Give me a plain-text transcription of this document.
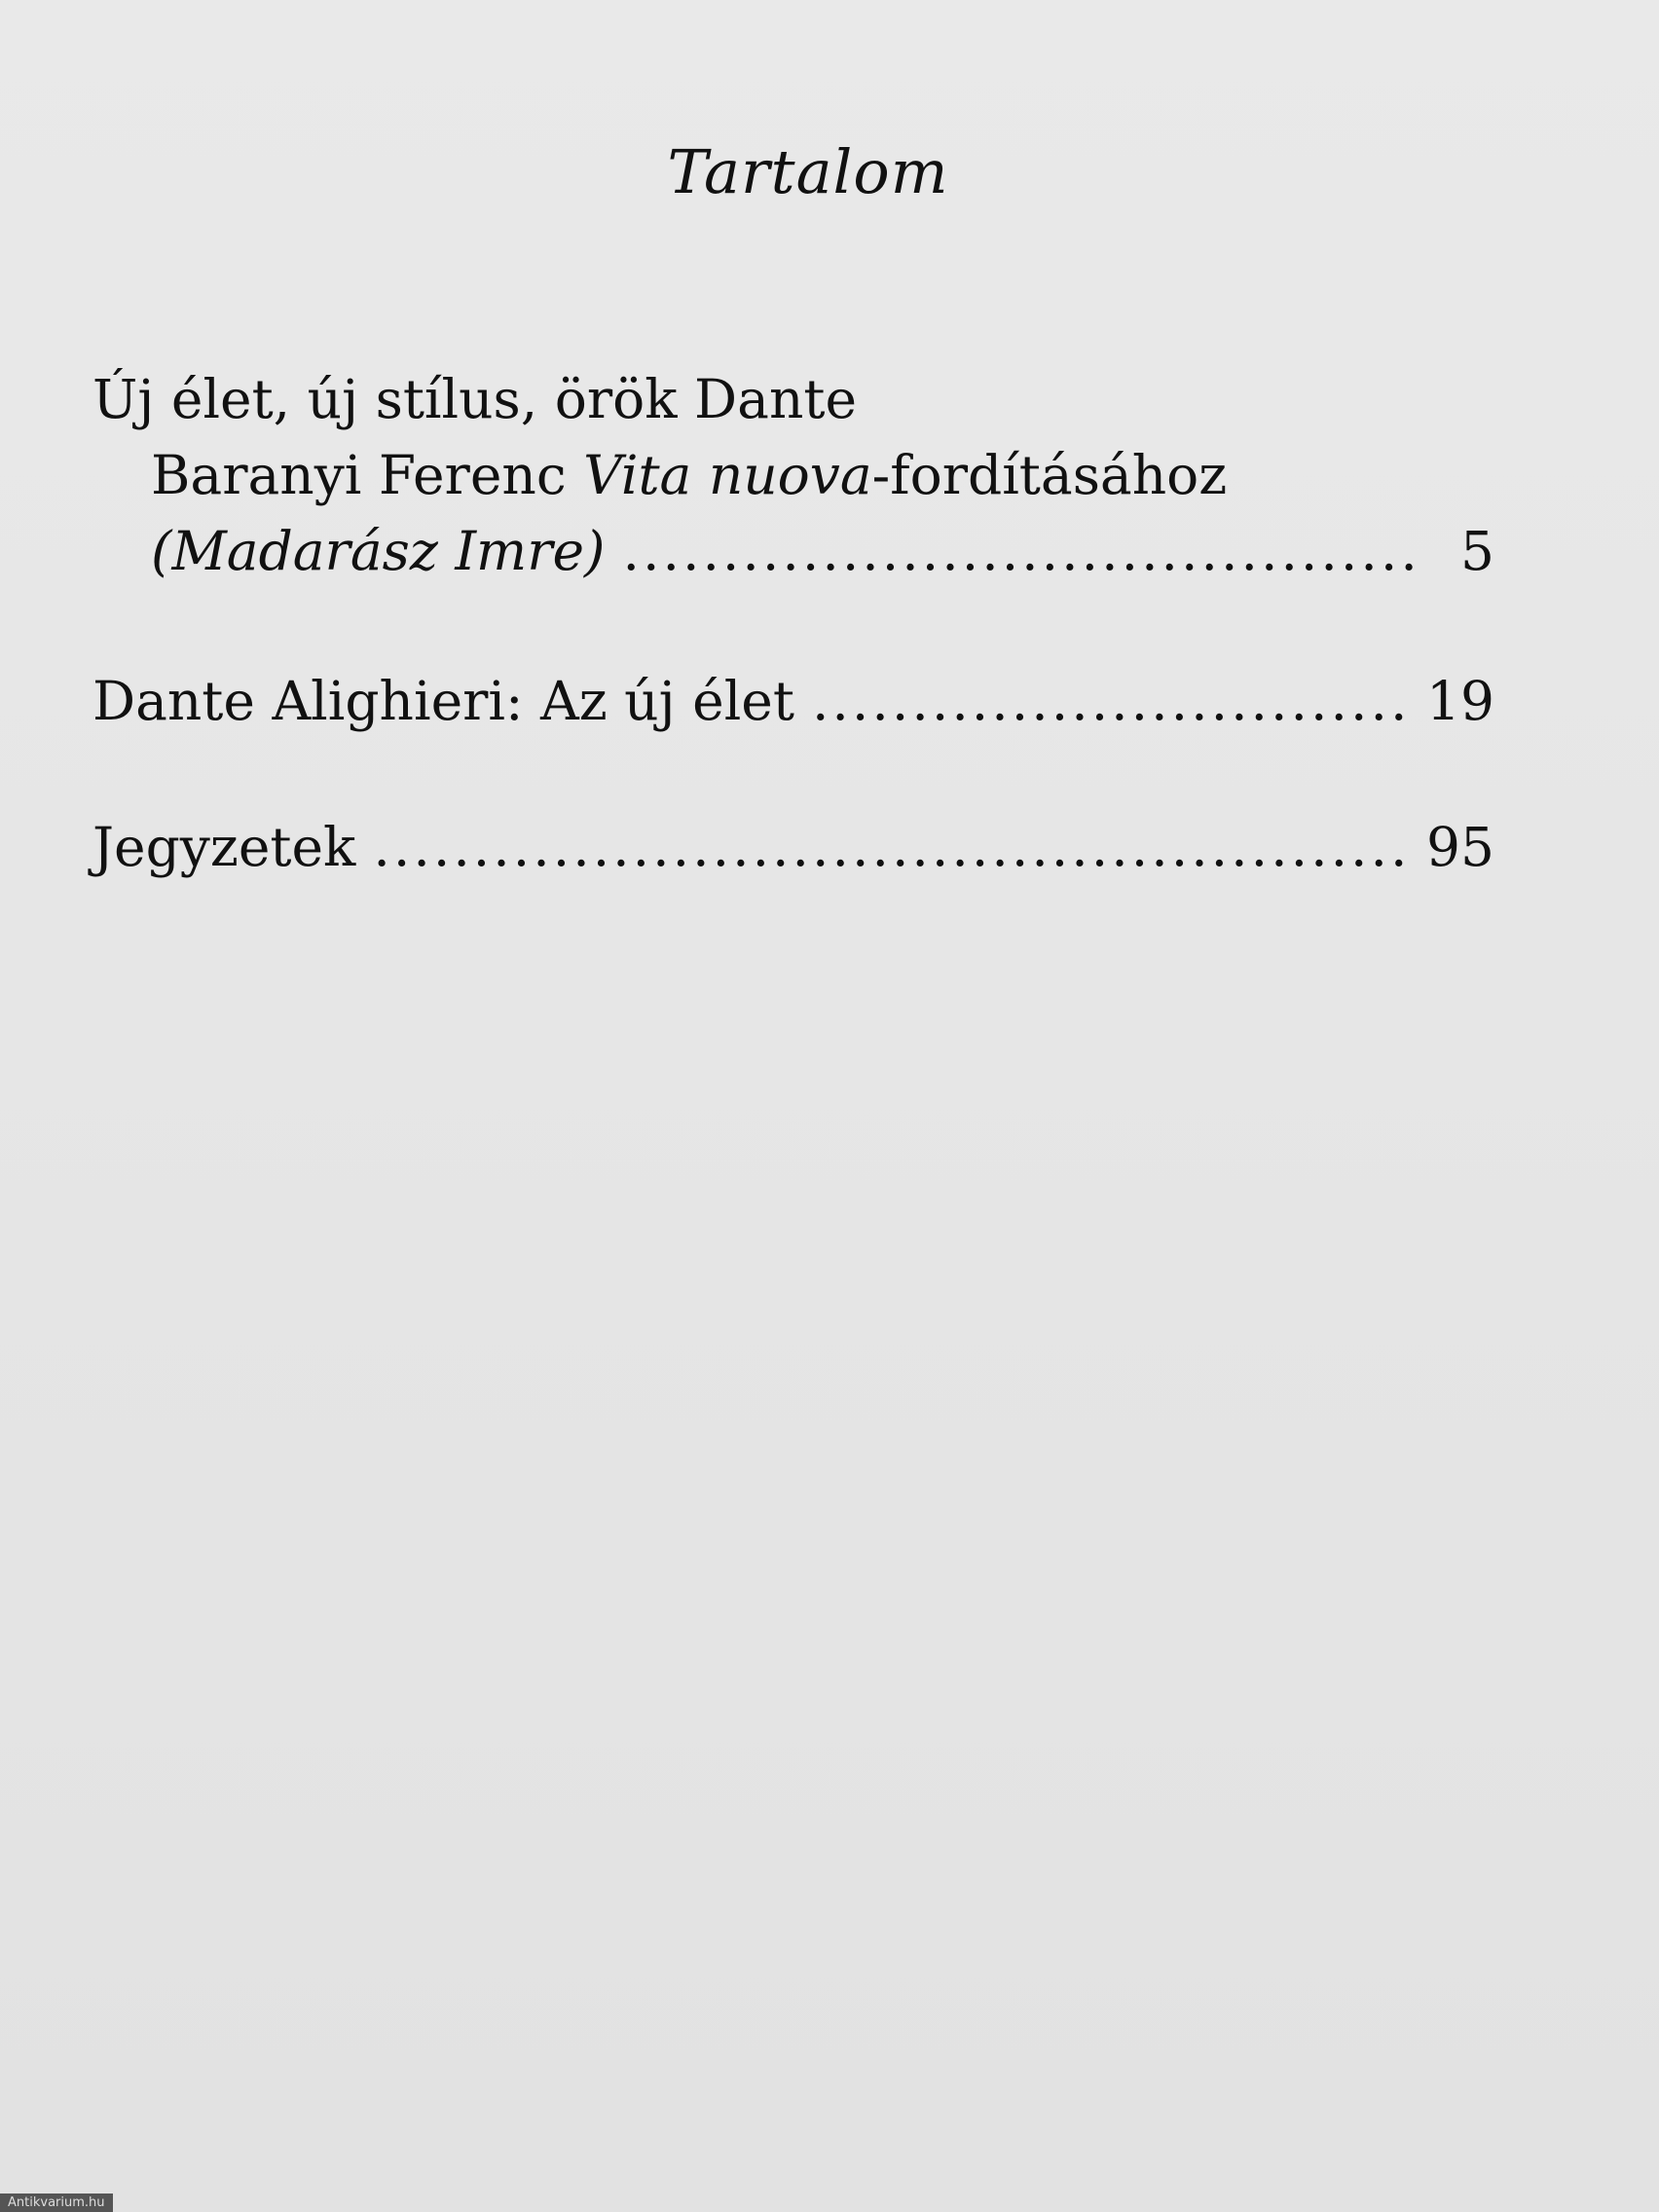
Tartalom
Új élet, új stílus, örök Dante
Baranyi Ferenc Vita nuova-fordításához
(Madarász Imre) .....	5
Dante Alighieri: Az új élet .....	19
Jegyzetek .....	95
Antikvarium.hu
